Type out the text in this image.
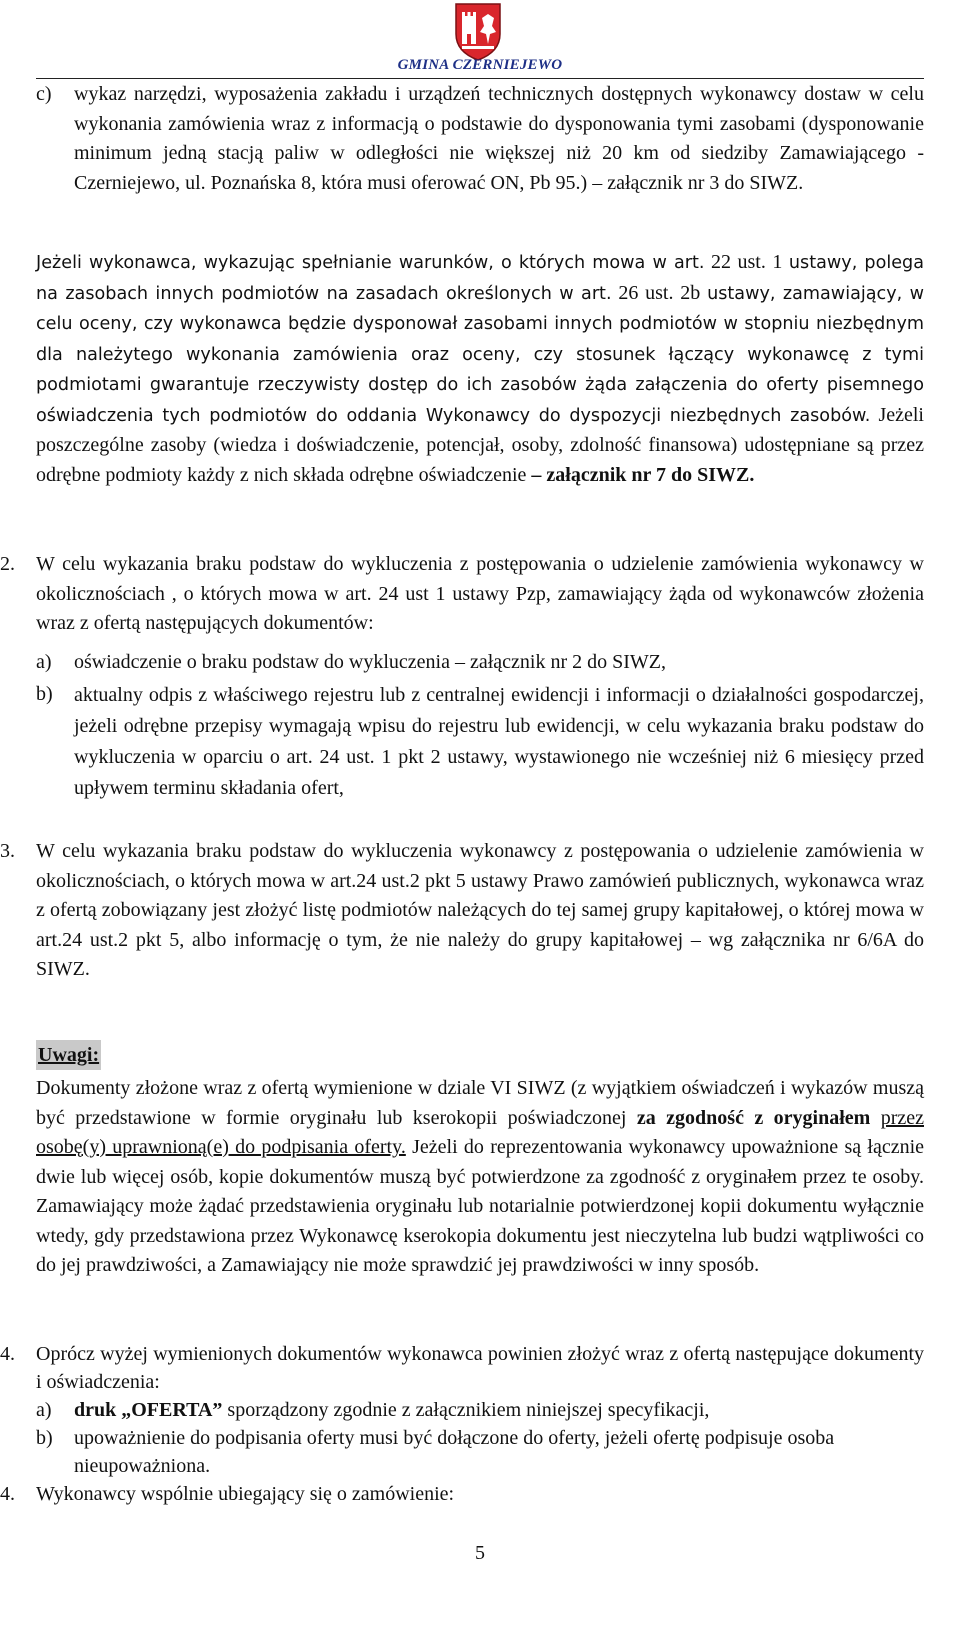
GMINA CZERNIEJEWO
c) wykaz narzędzi, wyposażenia zakładu i urządzeń technicznych dostępnych wykonawcy dostaw w celu wykonania zamówienia wraz z informacją o podstawie do dysponowania tymi zasobami (dysponowanie minimum jedną stacją paliw w odległości nie większej niż 20 km od siedziby Zamawiającego - Czerniejewo, ul. Poznańska 8, która musi oferować ON, Pb 95.) – załącznik nr 3 do SIWZ.
Jeżeli wykonawca, wykazując spełnianie warunków, o których mowa w art. 22 ust. 1 ustawy, polega na zasobach innych podmiotów na zasadach określonych w art. 26 ust. 2b ustawy, zamawiający, w celu oceny, czy wykonawca będzie dysponował zasobami innych podmiotów w stopniu niezbędnym dla należytego wykonania zamówienia oraz oceny, czy stosunek łączący wykonawcę z tymi podmiotami gwarantuje rzeczywisty dostęp do ich zasobów żąda załączenia do oferty pisemnego oświadczenia tych podmiotów do oddania Wykonawcy do dyspozycji niezbędnych zasobów. Jeżeli poszczególne zasoby (wiedza i doświadczenie, potencjał, osoby, zdolność finansowa) udostępniane są przez odrębne podmioty każdy z nich składa odrębne oświadczenie – załącznik nr 7 do SIWZ.
2. W celu wykazania braku podstaw do wykluczenia z postępowania o udzielenie zamówienia wykonawcy w okolicznościach , o których mowa w art. 24 ust 1 ustawy Pzp, zamawiający żąda od wykonawców złożenia wraz z ofertą następujących dokumentów:
a) oświadczenie o braku podstaw do wykluczenia – załącznik nr 2 do SIWZ,
b) aktualny odpis z właściwego rejestru lub z centralnej ewidencji i informacji o działalności gospodarczej, jeżeli odrębne przepisy wymagają wpisu do rejestru lub ewidencji, w celu wykazania braku podstaw do wykluczenia w oparciu o art. 24 ust. 1 pkt 2 ustawy, wystawionego nie wcześniej niż 6 miesięcy przed upływem terminu składania ofert,
3. W celu wykazania braku podstaw do wykluczenia wykonawcy z postępowania o udzielenie zamówienia w okolicznościach, o których mowa w art.24 ust.2 pkt 5 ustawy Prawo zamówień publicznych, wykonawca wraz z ofertą zobowiązany jest złożyć listę podmiotów należących do tej samej grupy kapitałowej, o której mowa w art.24 ust.2 pkt 5, albo informację o tym, że nie należy do grupy kapitałowej – wg załącznika nr 6/6A do SIWZ.
Uwagi:
Dokumenty złożone wraz z ofertą wymienione w dziale VI SIWZ (z wyjątkiem oświadczeń i wykazów muszą być przedstawione w formie oryginału lub kserokopii poświadczonej za zgodność z oryginałem przez osobę(y) uprawnioną(e) do podpisania oferty. Jeżeli do reprezentowania wykonawcy upoważnione są łącznie dwie lub więcej osób, kopie dokumentów muszą być potwierdzone za zgodność z oryginałem przez te osoby. Zamawiający może żądać przedstawienia oryginału lub notarialnie potwierdzonej kopii dokumentu wyłącznie wtedy, gdy przedstawiona przez Wykonawcę kserokopia dokumentu jest nieczytelna lub budzi wątpliwości co do jej prawdziwości, a Zamawiający nie może sprawdzić jej prawdziwości w inny sposób.
4. Oprócz wyżej wymienionych dokumentów wykonawca powinien złożyć wraz z ofertą następujące dokumenty i oświadczenia:
a) druk „OFERTA” sporządzony zgodnie z załącznikiem niniejszej specyfikacji,
b) upoważnienie do podpisania oferty musi być dołączone do oferty, jeżeli ofertę podpisuje osoba nieupoważniona.
4. Wykonawcy wspólnie ubiegający się o zamówienie:
5
